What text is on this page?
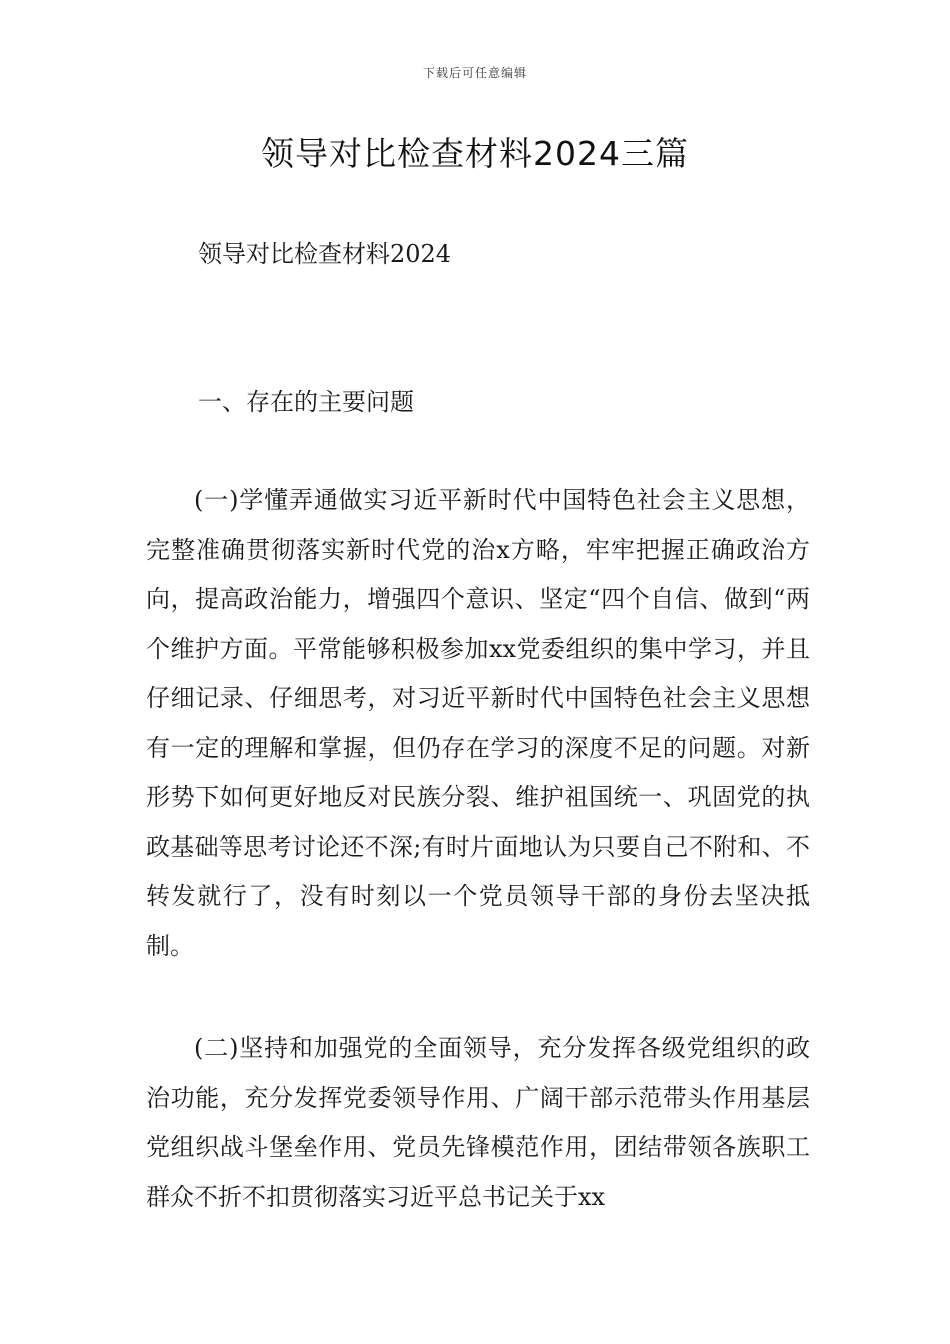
下载后可任意编辑
领导对比检查材料2024三篇
领导对比检查材料2024
一、存在的主要问题

(一)学懂弄通做实习近平新时代中国特色社会主义思想，完整准确贯彻落实新时代党的治x方略，牢牢把握正确政治方向，提高政治能力，增强四个意识、坚定“四个自信、做到“两个维护方面。平常能够积极参加xx党委组织的集中学习，并且仔细记录、仔细思考，对习近平新时代中国特色社会主义思想有一定的理解和掌握，但仍存在学习的深度不足的问题。对新形势下如何更好地反对民族分裂、维护祖国统一、巩固党的执政基础等思考讨论还不深;有时片面地认为只要自己不附和、不转发就行了，没有时刻以一个党员领导干部的身份去坚决抵制。

(二)坚持和加强党的全面领导，充分发挥各级党组织的政治功能，充分发挥党委领导作用、广阔干部示范带头作用基层党组织战斗堡垒作用、党员先锋模范作用，团结带领各族职工群众不折不扣贯彻落实习近平总书记关于xx
